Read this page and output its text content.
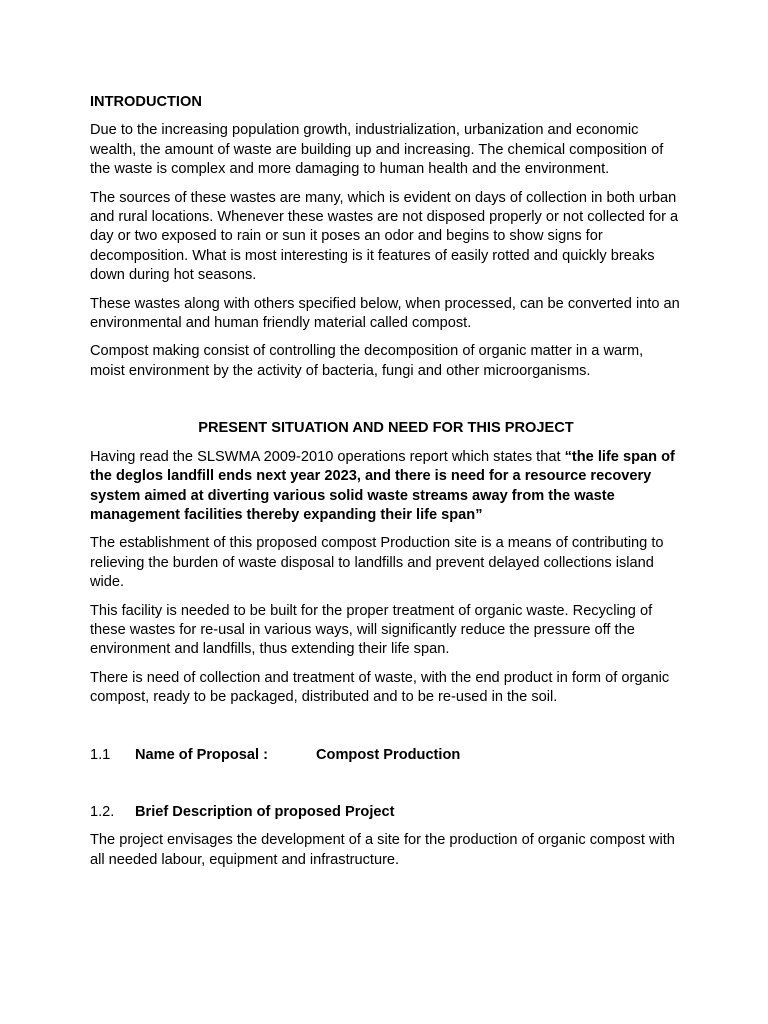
INTRODUCTION

Due to the increasing population growth, industrialization, urbanization and economic wealth, the amount of waste are building up and increasing. The chemical composition of the waste is complex and more damaging to human health and the environment.

The sources of these wastes are many, which is evident on days of collection in both urban and rural locations. Whenever these wastes are not disposed properly or not collected for a day or two exposed to rain or sun it poses an odor and begins to show signs for decomposition. What is most interesting is it features of easily rotted and quickly breaks down during hot seasons.

These wastes along with others specified below, when processed, can be converted into an environmental and human friendly material called compost.

Compost making consist of controlling the decomposition of organic matter in a warm, moist environment by the activity of bacteria, fungi and other microorganisms.

PRESENT SITUATION AND NEED FOR THIS PROJECT

Having read the SLSWMA 2009-2010 operations report which states that “the life span of the deglos landfill ends next year 2023, and there is need for a resource recovery system aimed at diverting various solid waste streams away from the waste management facilities thereby expanding their life span”

The establishment of this proposed compost Production site is a means of contributing to relieving the burden of waste disposal to landfills and prevent delayed collections island wide.

This facility is needed to be built for the proper treatment of organic waste. Recycling of these wastes for re-usal in various ways, will significantly reduce the pressure off the environment and landfills, thus extending their life span.

There is need of collection and treatment of waste, with the end product in form of organic compost, ready to be packaged, distributed and to be re-used in the soil.

1.1	Name of Proposal :	Compost Production
1.2.	Brief Description of proposed Project

The project envisages the development of a site for the production of organic compost with all needed labour, equipment and infrastructure.
